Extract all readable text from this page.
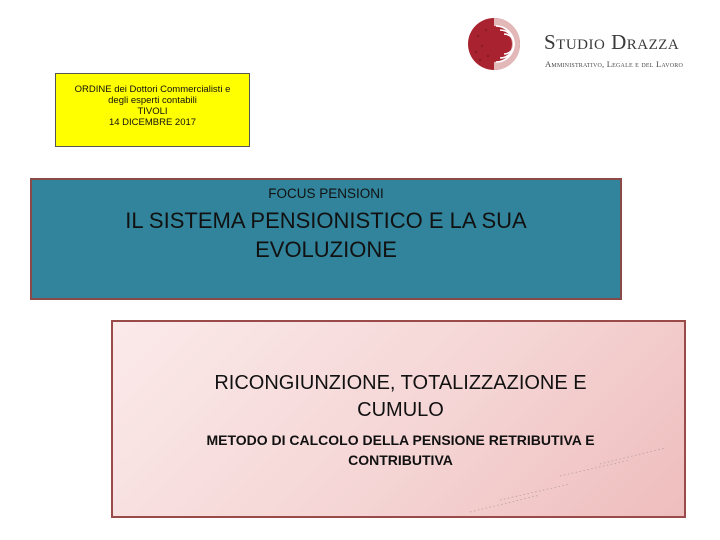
Studio Drazza
Amministrativo, Legale e del Lavoro
ORDINE dei Dottori Commercialisti e
degli esperti contabili
TIVOLI
14 DICEMBRE 2017
FOCUS PENSIONI
IL SISTEMA PENSIONISTICO E LA SUA
EVOLUZIONE
RICONGIUNZIONE, TOTALIZZAZIONE E
CUMULO
METODO DI CALCOLO DELLA PENSIONE RETRIBUTIVA E
CONTRIBUTIVA
